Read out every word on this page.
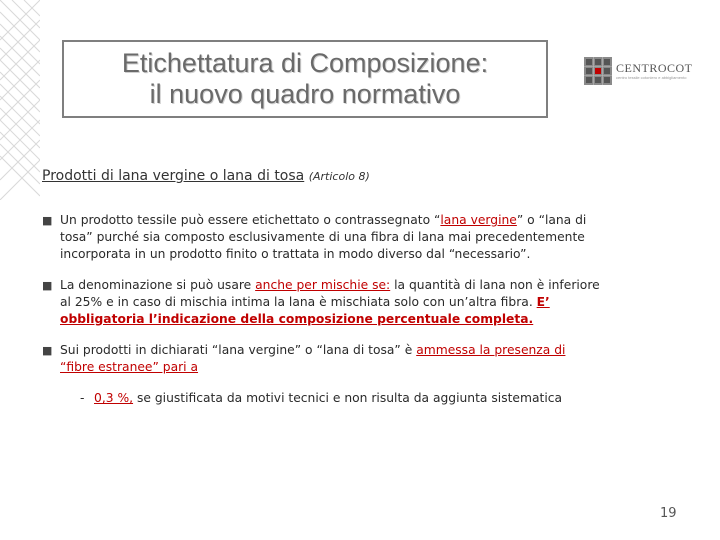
Etichettatura di Composizione:
il nuovo quadro normativo
CENTROCOT
centro tessile cotoniero e abbigliamento
Prodotti di lana vergine o lana di tosa (Articolo 8)
■ Un prodotto tessile può essere etichettato o contrassegnato “lana vergine” o “lana di tosa” purché sia composto esclusivamente di una fibra di lana mai precedentemente incorporata in un prodotto finito o trattata in modo diverso dal “necessario”.
■ La denominazione si può usare anche per mischie se: la quantità di lana non è inferiore al 25% e in caso di mischia intima la lana è mischiata solo con un’altra fibra. E’ obbligatoria l’indicazione della composizione percentuale completa.
■ Sui prodotti in dichiarati “lana vergine” o “lana di tosa” è ammessa la presenza di “fibre estranee” pari a
- 0,3 %, se giustificata da motivi tecnici e non risulta da aggiunta sistematica
19
